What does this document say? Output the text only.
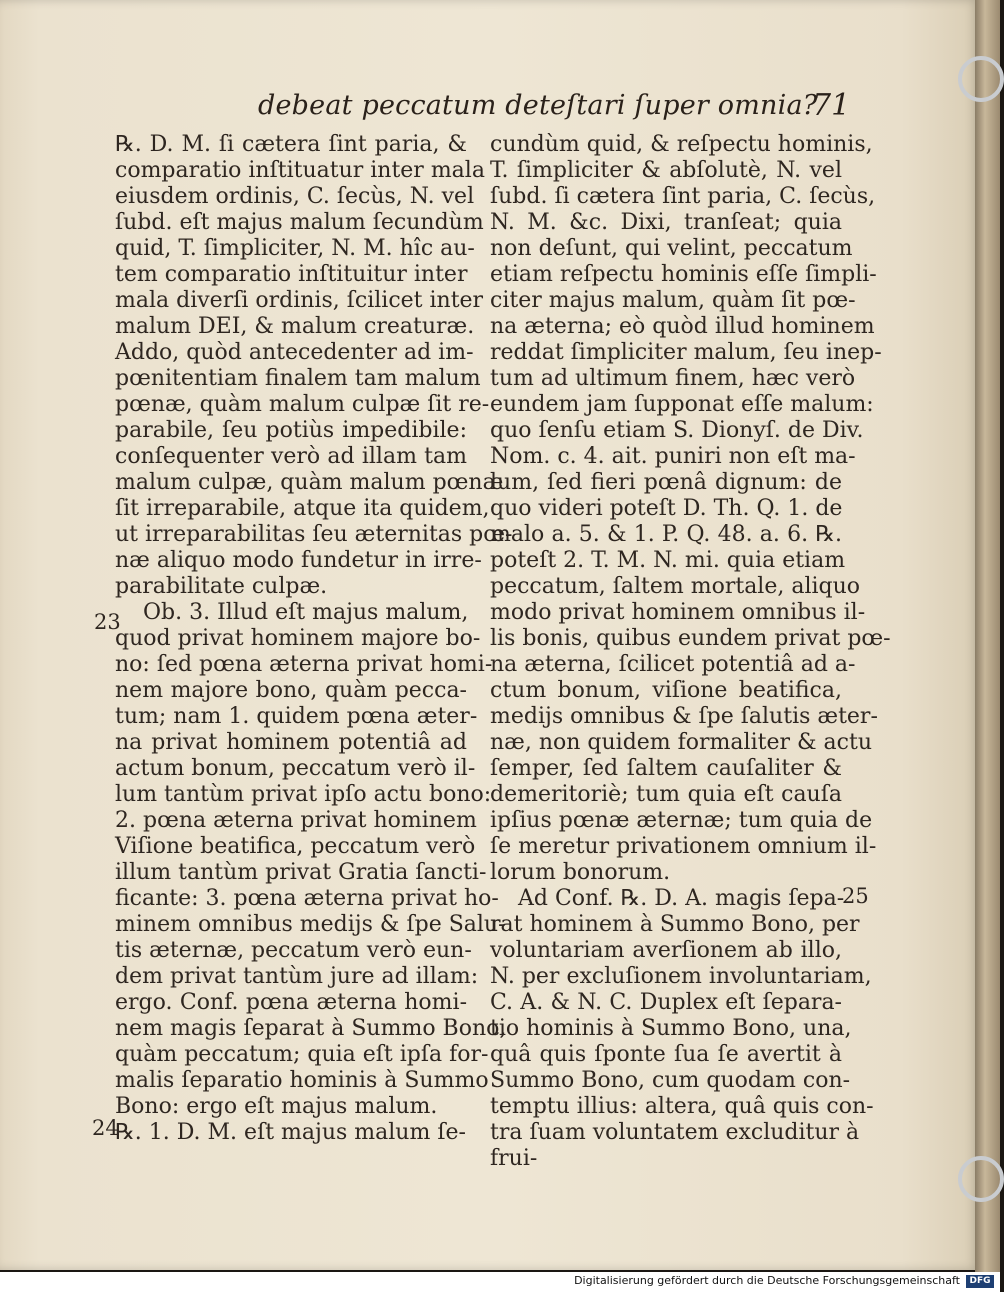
debeat peccatum deteſtari ſuper omnia?
71
℞. D. M. ſi cætera ſint paria, &
comparatio inſtituatur inter mala
eiusdem ordinis, C. ſecùs, N. vel
ſubd. eſt majus malum ſecundùm
quid, T. ſimpliciter, N. M. hîc au-
tem comparatio inſtituitur inter
mala diverſi ordinis, ſcilicet inter
malum DEI, & malum creaturæ.
Addo, quòd antecedenter ad im-
pœnitentiam finalem tam malum
pœnæ, quàm malum culpæ ſit re-
parabile, ſeu potiùs impedibile:
conſequenter verò ad illam tam
malum culpæ, quàm malum pœnæ
ſit irreparabile, atque ita quidem,
ut irreparabilitas ſeu æternitas pœ-
næ aliquo modo fundetur in irre-
parabilitate culpæ.
Ob. 3. Illud eſt majus malum,
quod privat hominem majore bo-
no: ſed pœna æterna privat homi-
nem majore bono, quàm pecca-
tum; nam 1. quidem pœna æter-
na privat hominem potentiâ ad
actum bonum, peccatum verò il-
lum tantùm privat ipſo actu bono:
2. pœna æterna privat hominem
Viſione beatifica, peccatum verò
illum tantùm privat Gratia ſancti-
ficante: 3. pœna æterna privat ho-
minem omnibus medijs & ſpe Salu-
tis æternæ, peccatum verò eun-
dem privat tantùm jure ad illam:
ergo. Conf. pœna æterna homi-
nem magis ſeparat à Summo Bono,
quàm peccatum; quia eſt ipſa for-
malis ſeparatio hominis à Summo
Bono: ergo eſt majus malum.
℞. 1. D. M. eſt majus malum ſe-
cundùm quid, & reſpectu hominis,
T. ſimpliciter & abſolutè, N. vel
ſubd. ſi cætera ſint paria, C. ſecùs,
N. M. &c. Dixi, tranſeat; quia
non deſunt, qui velint, peccatum
etiam reſpectu hominis eſſe ſimpli-
citer majus malum, quàm ſit pœ-
na æterna; eò quòd illud hominem
reddat ſimpliciter malum, ſeu inep-
tum ad ultimum finem, hæc verò
eundem jam ſupponat eſſe malum:
quo ſenſu etiam S. Dionyſ. de Div.
Nom. c. 4. ait. puniri non eſt ma-
lum, ſed fieri pœnâ dignum: de
quo videri poteſt D. Th. Q. 1. de
malo a. 5. & 1. P. Q. 48. a. 6. ℞.
poteſt 2. T. M. N. mi. quia etiam
peccatum, ſaltem mortale, aliquo
modo privat hominem omnibus il-
lis bonis, quibus eundem privat pœ-
na æterna, ſcilicet potentiâ ad a-
ctum bonum, viſione beatifica,
medijs omnibus & ſpe ſalutis æter-
næ, non quidem formaliter & actu
ſemper, ſed ſaltem cauſaliter &
demeritoriè; tum quia eſt cauſa
ipſius pœnæ æternæ; tum quia de
ſe meretur privationem omnium il-
lorum bonorum.
Ad Conf. ℞. D. A. magis ſepa-
rat hominem à Summo Bono, per
voluntariam averſionem ab illo,
N. per excluſionem involuntariam,
C. A. & N. C. Duplex eſt ſepara-
tio hominis à Summo Bono, una,
quâ quis ſponte ſua ſe avertit à
Summo Bono, cum quodam con-
temptu illius: altera, quâ quis con-
tra ſuam voluntatem excluditur à
frui-
23
24
25
Digitalisierung gefördert durch die Deutsche Forschungsgemeinschaft	DFG
